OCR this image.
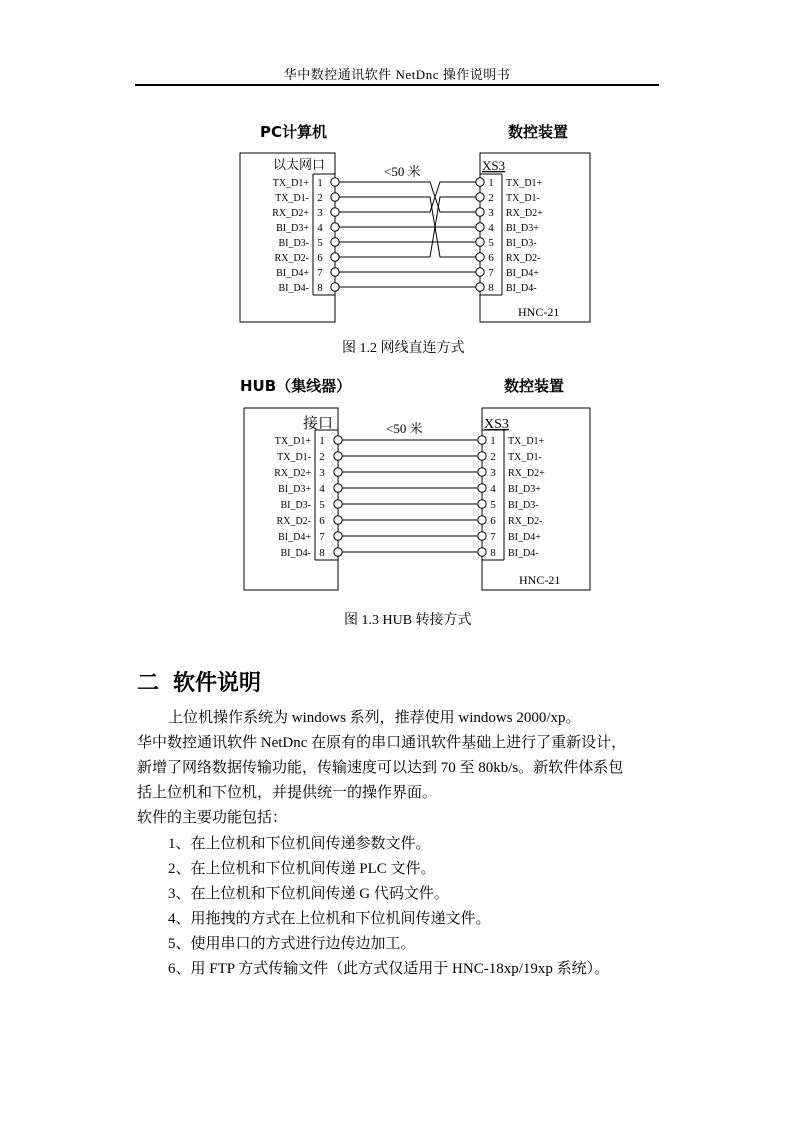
华中数控通讯软件 NetDnc 操作说明书
PC计算机	数控装置
以太网口	XS3
<50 米
HNC-21
TX_D1+ 1	1 TX_D1+
TX_D1- 2	2 TX_D1-
RX_D2+ 3	3 RX_D2+
BI_D3+ 4	4 BI_D3+
BI_D3- 5	5 BI_D3-
RX_D2- 6	6 RX_D2-
BI_D4+ 7	7 BI_D4+
BI_D4- 8	8 BI_D4-
图 1.2 网线直连方式
HUB（集线器）	数控装置
接口	XS3
<50 米
HNC-21
TX_D1+ 1	1 TX_D1+
TX_D1- 2	2 TX_D1-
RX_D2+ 3	3 RX_D2+
BI_D3+ 4	4 BI_D3+
BI_D3- 5	5 BI_D3-
RX_D2- 6	6 RX_D2-
BI_D4+ 7	7 BI_D4+
BI_D4- 8	8 BI_D4-
图 1.3 HUB 转接方式
二 软件说明
上位机操作系统为 windows 系列，推荐使用 windows 2000/xp。
华中数控通讯软件 NetDnc 在原有的串口通讯软件基础上进行了重新设计，
新增了网络数据传输功能，传输速度可以达到 70 至 80kb/s。新软件体系包
括上位机和下位机，并提供统一的操作界面。
软件的主要功能包括：
1、在上位机和下位机间传递参数文件。
2、在上位机和下位机间传递 PLC 文件。
3、在上位机和下位机间传递 G 代码文件。
4、用拖拽的方式在上位机和下位机间传递文件。
5、使用串口的方式进行边传边加工。
6、用 FTP 方式传输文件（此方式仅适用于 HNC-18xp/19xp 系统）。
